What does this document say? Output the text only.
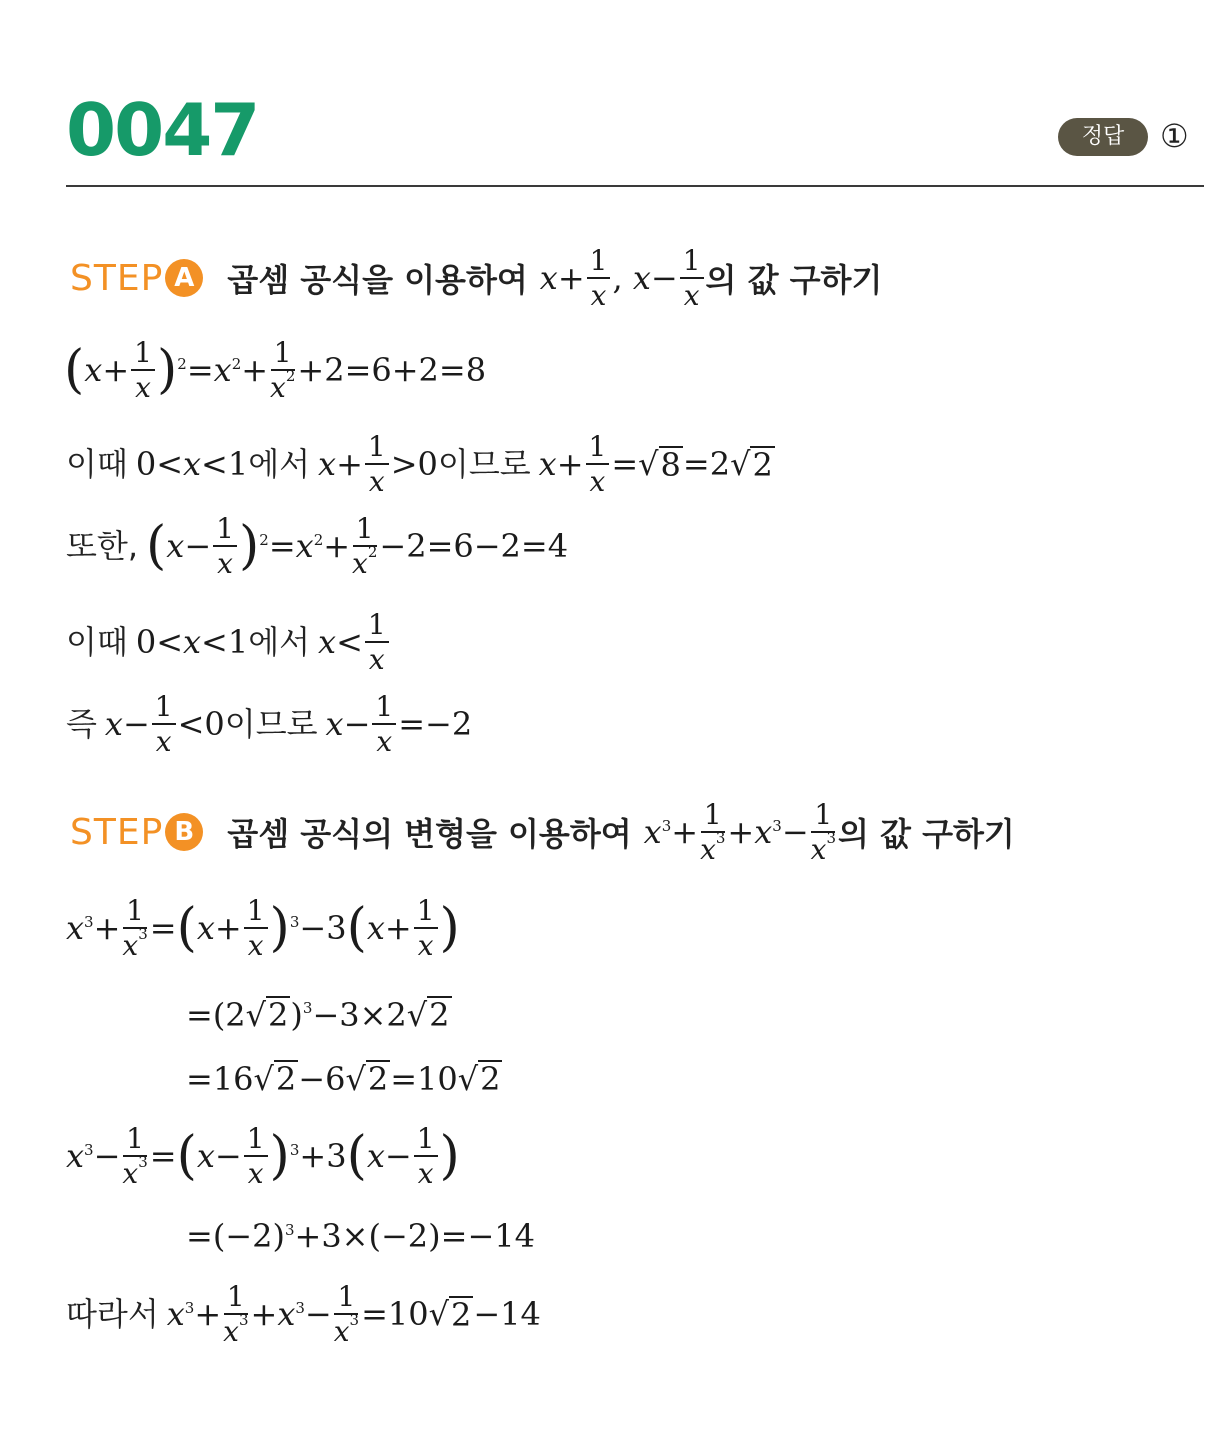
0047	정답	①
STEP A 곱셈 공식을 이용하여 x + 1
x , x − 1
x 의 값 구하기
( x + 1
x ) 2 = x 2 + 1
$x^2 +2=6+2=8$
이때 0< x <1 에서 x + 1
x >0 이므로 x + 1
x = √ 8 =2 √ 2
또한, ( x − 1
x ) 2 = x 2 + 1
$x^2 -2=6-2=4$
이때 0< x <1 에서 x < 1
x
즉 x − 1
x <0 이므로 x − 1
x =−2
STEP B 곱셈 공식의 변형을 이용하여 x 3 + 1
$x^3 + x$ 3 − 1
$x^3$ 의 값 구하기
x 3 + 1
$x^3$ = ( x + 1
x ) 3 −3 ( x + 1
x )
=(2 √ 2 ) 3 −3×2 √ 2
=16 √ 2 −6 √ 2 =10 √ 2
x 3 − 1
$x^3$ = ( x − 1
x ) 3 +3 ( x − 1
x )
=(−2) 3 +3×(−2)=−14
따라서 x 3 + 1
$x^3 + x$ 3 − 1
$x^3 =10$ √ 2 −14
